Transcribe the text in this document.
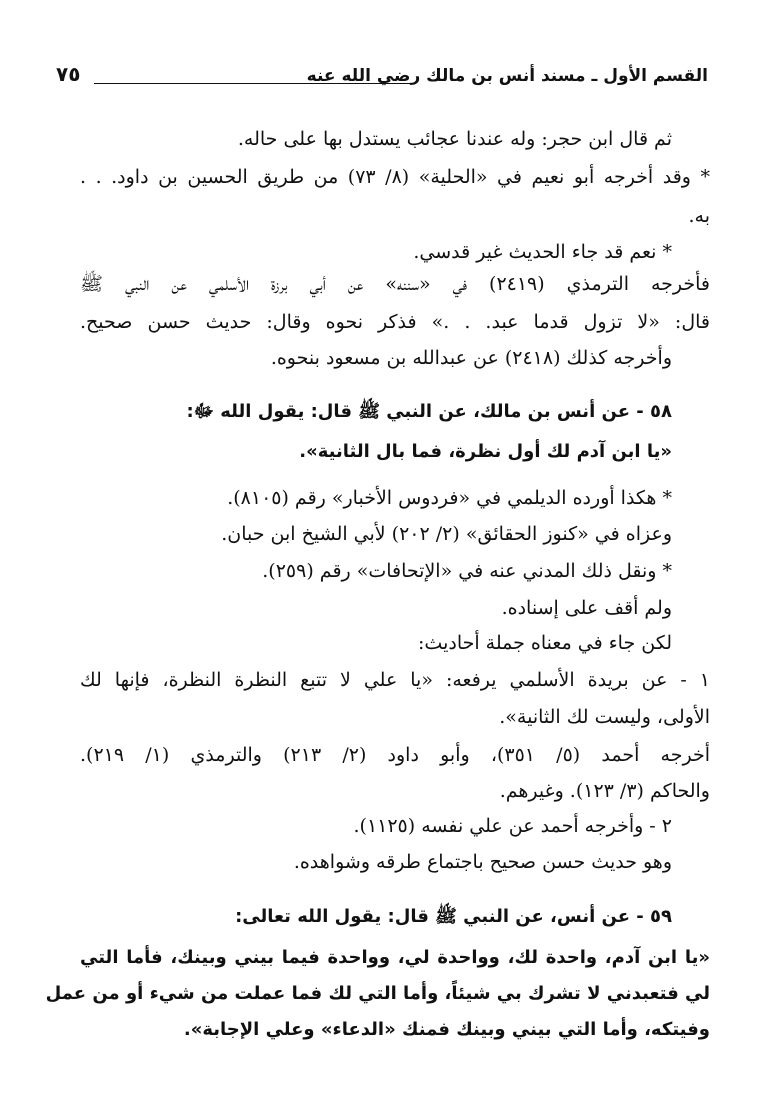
القسم الأول ـ مسند أنس بن مالك رضي الله عنه
٧٥
ثم قال ابن حجر: وله عندنا عجائب يستدل بها على حاله.
* وقد أخرجه أبو نعيم في «الحلية» (٨/ ٧٣) من طريق الحسين بن داود. . .
به.
* نعم قد جاء الحديث غير قدسي.
فأخرجه الترمذي (٢٤١٩) في «سننه» عن أبي برزة الأسلمي عن النبي ﷺ
قال: «لا تزول قدما عبد. . .» فذكر نحوه وقال: حديث حسن صحيح.
وأخرجه كذلك (٢٤١٨) عن عبدالله بن مسعود بنحوه.
٥٨ - عن أنس بن مالك، عن النبي ﷺ قال: يقول الله ﷻ:
«يا ابن آدم لك أول نظرة، فما بال الثانية».
* هكذا أورده الديلمي في «فردوس الأخبار» رقم (٨١٠٥).
وعزاه في «كنوز الحقائق» (٢/ ٢٠٢) لأبي الشيخ ابن حبان.
* ونقل ذلك المدني عنه في «الإتحافات» رقم (٢٥٩).
ولم أقف على إسناده.
لكن جاء في معناه جملة أحاديث:
١ - عن بريدة الأسلمي يرفعه: «يا علي لا تتبع النظرة النظرة، فإنها لك
الأولى، وليست لك الثانية».
أخرجه أحمد (٥/ ٣٥١)، وأبو داود (٢/ ٢١٣) والترمذي (١/ ٢١٩).
والحاكم (٣/ ١٢٣). وغيرهم.
٢ - وأخرجه أحمد عن علي نفسه (١١٢٥).
وهو حديث حسن صحيح باجتماع طرقه وشواهده.
٥٩ - عن أنس، عن النبي ﷺ قال: يقول الله تعالى:
«يا ابن آدم، واحدة لك، وواحدة لي، وواحدة فيما بيني وبينك، فأما التي
لي فتعبدني لا تشرك بي شيئاً، وأما التي لك فما عملت من شيء أو من عمل
وفيتكه، وأما التي بيني وبينك فمنك «الدعاء» وعلي الإجابة».
